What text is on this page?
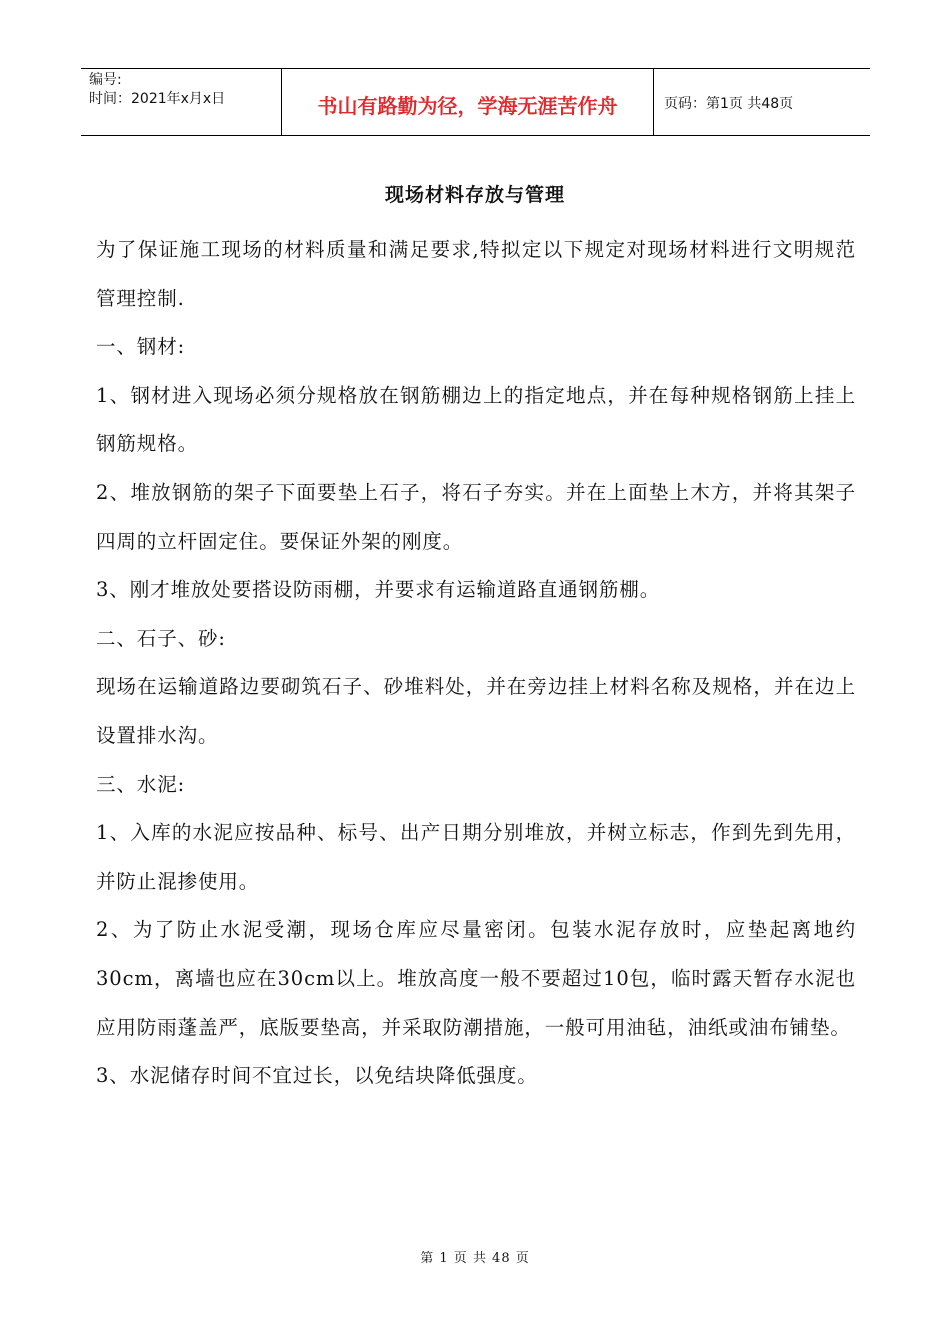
编号:
时间：2021年x月x日	书山有路勤为径，学海无涯苦作舟	页码：第1页 共48页
现场材料存放与管理

为了保证施工现场的材料质量和满足要求,特拟定以下规定对现场材料进行文明规范管理控制.

一、钢材:

1、钢材进入现场必须分规格放在钢筋棚边上的指定地点，并在每种规格钢筋上挂上钢筋规格。

2、堆放钢筋的架子下面要垫上石子，将石子夯实。并在上面垫上木方，并将其架子四周的立杆固定住。要保证外架的刚度。

3、刚才堆放处要搭设防雨棚，并要求有运输道路直通钢筋棚。

二、石子、砂:

现场在运输道路边要砌筑石子、砂堆料处，并在旁边挂上材料名称及规格，并在边上设置排水沟。

三、水泥:

1、入库的水泥应按品种、标号、出产日期分别堆放，并树立标志，作到先到先用，并防止混掺使用。

2、为了防止水泥受潮，现场仓库应尽量密闭。包装水泥存放时，应垫起离地约30cm，离墙也应在30cm以上。堆放高度一般不要超过10包，临时露天暂存水泥也应用防雨蓬盖严，底版要垫高，并采取防潮措施，一般可用油毡，油纸或油布铺垫。

3、水泥储存时间不宜过长，以免结块降低强度。

第 1 页 共 48 页
